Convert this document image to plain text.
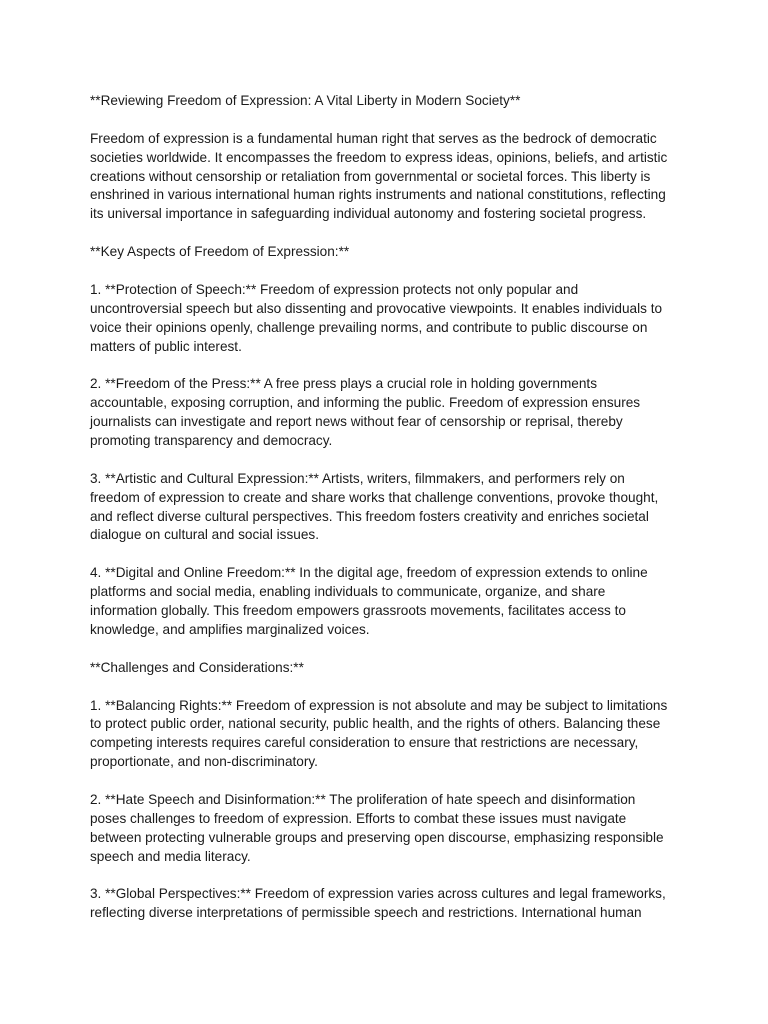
**Reviewing Freedom of Expression: A Vital Liberty in Modern Society**
Freedom of expression is a fundamental human right that serves as the bedrock of democratic
societies worldwide. It encompasses the freedom to express ideas, opinions, beliefs, and artistic
creations without censorship or retaliation from governmental or societal forces. This liberty is
enshrined in various international human rights instruments and national constitutions, reflecting
its universal importance in safeguarding individual autonomy and fostering societal progress.
**Key Aspects of Freedom of Expression:**
1. **Protection of Speech:** Freedom of expression protects not only popular and
uncontroversial speech but also dissenting and provocative viewpoints. It enables individuals to
voice their opinions openly, challenge prevailing norms, and contribute to public discourse on
matters of public interest.
2. **Freedom of the Press:** A free press plays a crucial role in holding governments
accountable, exposing corruption, and informing the public. Freedom of expression ensures
journalists can investigate and report news without fear of censorship or reprisal, thereby
promoting transparency and democracy.
3. **Artistic and Cultural Expression:** Artists, writers, filmmakers, and performers rely on
freedom of expression to create and share works that challenge conventions, provoke thought,
and reflect diverse cultural perspectives. This freedom fosters creativity and enriches societal
dialogue on cultural and social issues.
4. **Digital and Online Freedom:** In the digital age, freedom of expression extends to online
platforms and social media, enabling individuals to communicate, organize, and share
information globally. This freedom empowers grassroots movements, facilitates access to
knowledge, and amplifies marginalized voices.
**Challenges and Considerations:**
1. **Balancing Rights:** Freedom of expression is not absolute and may be subject to limitations
to protect public order, national security, public health, and the rights of others. Balancing these
competing interests requires careful consideration to ensure that restrictions are necessary,
proportionate, and non-discriminatory.
2. **Hate Speech and Disinformation:** The proliferation of hate speech and disinformation
poses challenges to freedom of expression. Efforts to combat these issues must navigate
between protecting vulnerable groups and preserving open discourse, emphasizing responsible
speech and media literacy.
3. **Global Perspectives:** Freedom of expression varies across cultures and legal frameworks,
reflecting diverse interpretations of permissible speech and restrictions. International human
